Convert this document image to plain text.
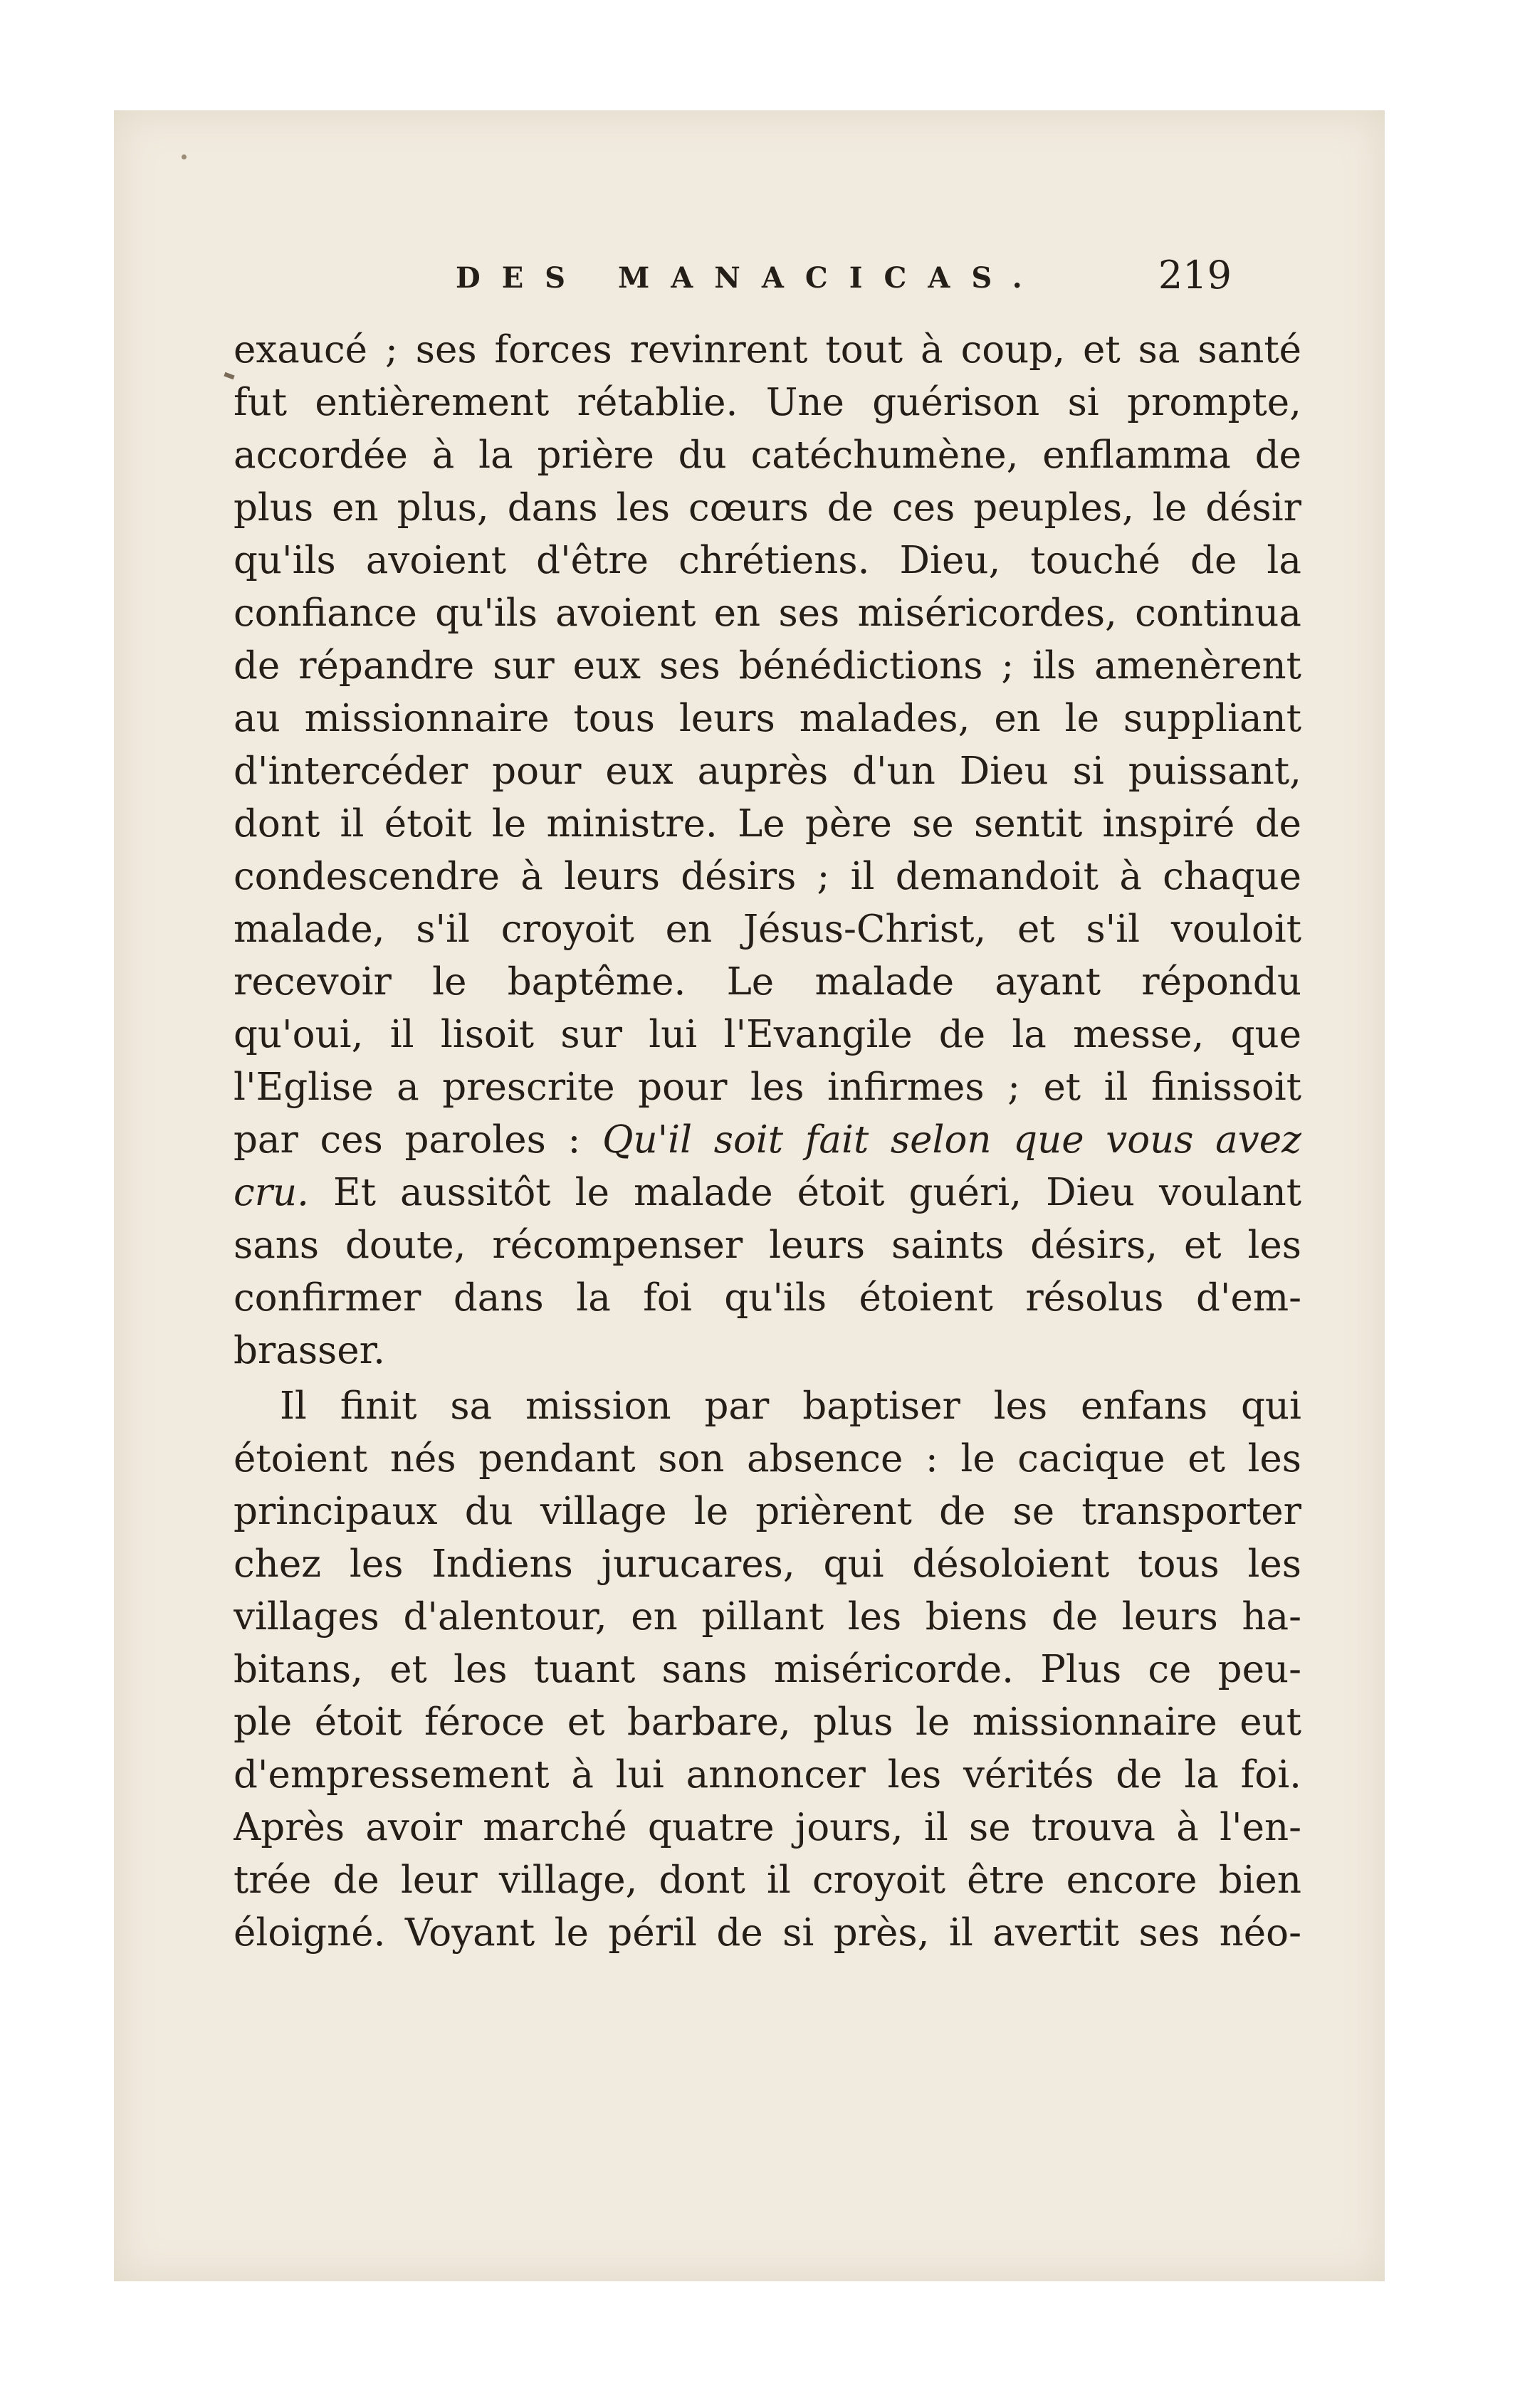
DES MANACICAS.	219
exaucé ; ses forces revinrent tout à coup, et sa santé
fut entièrement rétablie. Une guérison si prompte,
accordée à la prière du catéchumène, enflamma de
plus en plus, dans les cœurs de ces peuples, le désir
qu'ils avoient d'être chrétiens. Dieu, touché de la
confiance qu'ils avoient en ses miséricordes, continua
de répandre sur eux ses bénédictions ; ils amenèrent
au missionnaire tous leurs malades, en le suppliant
d'intercéder pour eux auprès d'un Dieu si puissant,
dont il étoit le ministre. Le père se sentit inspiré de
condescendre à leurs désirs ; il demandoit à chaque
malade, s'il croyoit en Jésus-Christ, et s'il vouloit
recevoir le baptême. Le malade ayant répondu
qu'oui, il lisoit sur lui l'Evangile de la messe, que
l'Eglise a prescrite pour les infirmes ; et il finissoit
par ces paroles : Qu'il soit fait selon que vous avez
cru. Et aussitôt le malade étoit guéri, Dieu voulant
sans doute, récompenser leurs saints désirs, et les
confirmer dans la foi qu'ils étoient résolus d'em-
brasser.
Il finit sa mission par baptiser les enfans qui
étoient nés pendant son absence : le cacique et les
principaux du village le prièrent de se transporter
chez les Indiens jurucares, qui désoloient tous les
villages d'alentour, en pillant les biens de leurs ha-
bitans, et les tuant sans miséricorde. Plus ce peu-
ple étoit féroce et barbare, plus le missionnaire eut
d'empressement à lui annoncer les vérités de la foi.
Après avoir marché quatre jours, il se trouva à l'en-
trée de leur village, dont il croyoit être encore bien
éloigné. Voyant le péril de si près, il avertit ses néo-
